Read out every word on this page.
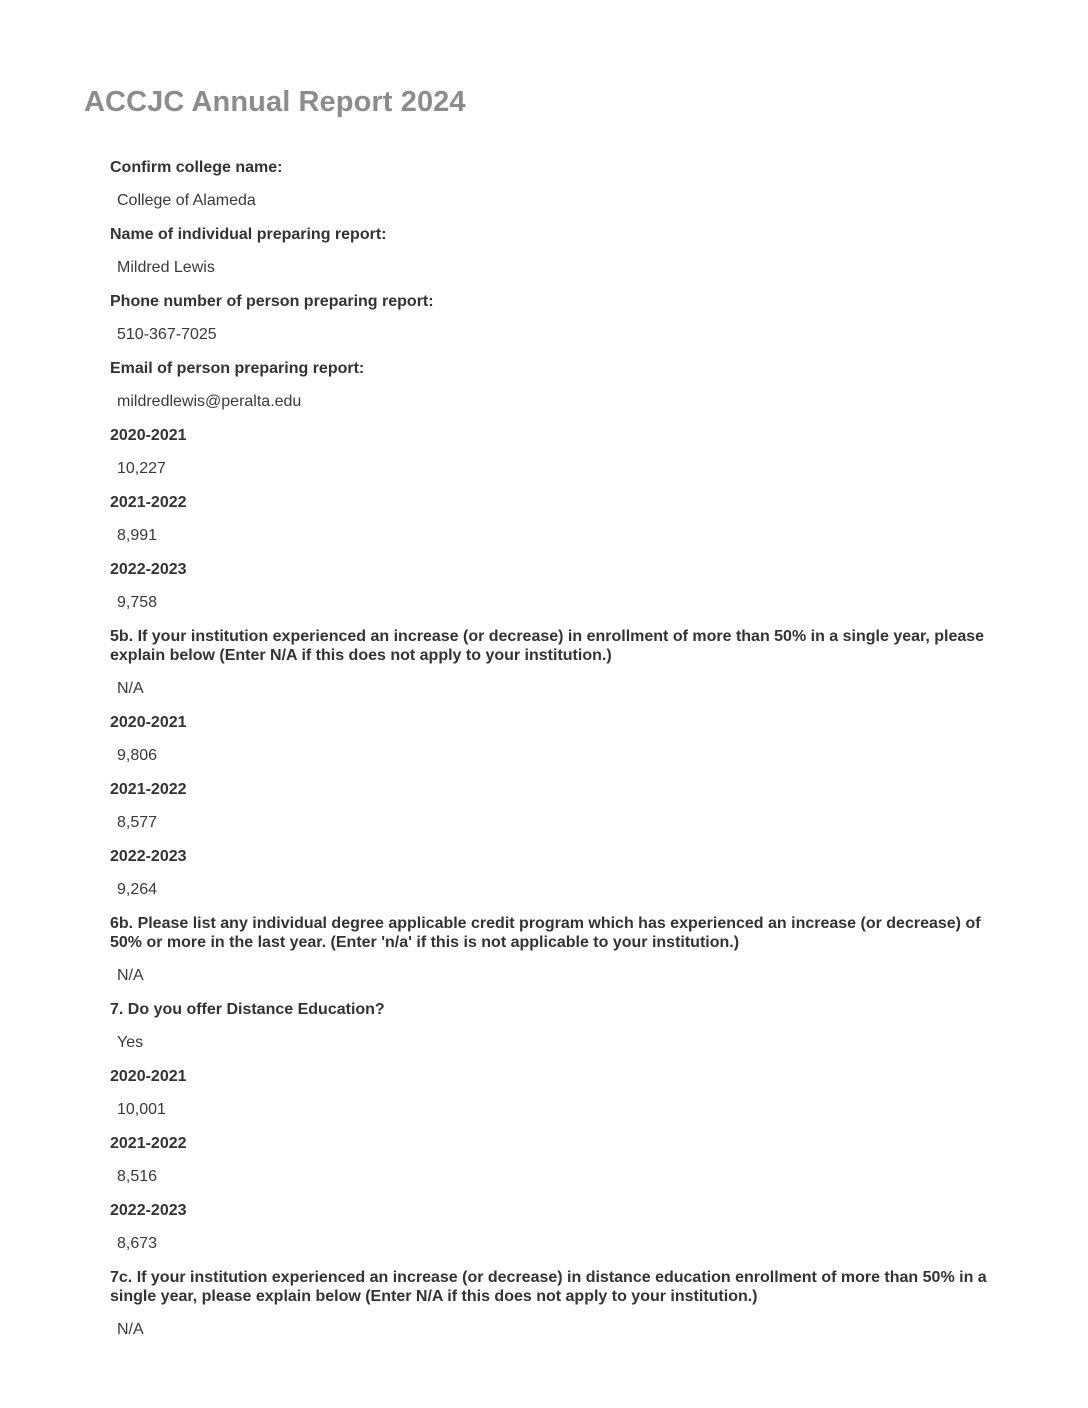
ACCJC Annual Report 2024
Confirm college name:
College of Alameda
Name of individual preparing report:
Mildred Lewis
Phone number of person preparing report:
510-367-7025
Email of person preparing report:
mildredlewis@peralta.edu
2020-2021
10,227
2021-2022
8,991
2022-2023
9,758
5b. If your institution experienced an increase (or decrease) in enrollment of more than 50% in a single year, please explain below (Enter N/A if this does not apply to your institution.)
N/A
2020-2021
9,806
2021-2022
8,577
2022-2023
9,264
6b. Please list any individual degree applicable credit program which has experienced an increase (or decrease) of 50% or more in the last year. (Enter 'n/a' if this is not applicable to your institution.)
N/A
7. Do you offer Distance Education?
Yes
2020-2021
10,001
2021-2022
8,516
2022-2023
8,673
7c. If your institution experienced an increase (or decrease) in distance education enrollment of more than 50% in a single year, please explain below (Enter N/A if this does not apply to your institution.)
N/A
